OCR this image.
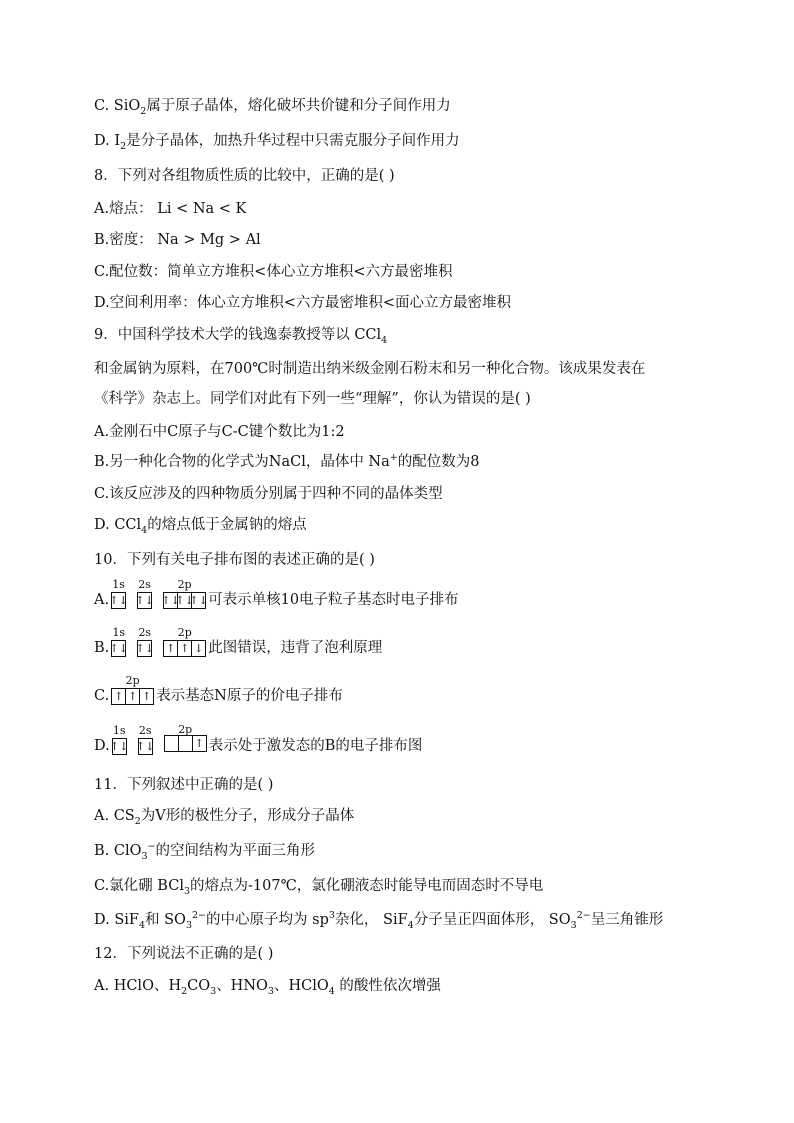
C. SiO$_2$属于原子晶体，熔化破坏共价键和分子间作用力
D. $I_2$是分子晶体，加热升华过程中只需克服分子间作用力
8．下列对各组物质性质的比较中，正确的是( )
A.熔点： Li < Na < K
B.密度： Na > Mg > Al
C.配位数：简单立方堆积<体心立方堆积<六方最密堆积
D.空间利用率：体心立方堆积<六方最密堆积<面心立方最密堆积
9．中国科学技术大学的钱逸泰教授等以 CCl$_4$
和金属钠为原料，在700℃时制造出纳米级金刚石粉末和另一种化合物。该成果发表在
《科学》杂志上。同学们对此有下列一些“理解”，你认为错误的是( )
A.金刚石中C原子与C-C键个数比为1:2
B.另一种化合物的化学式为NaCl，晶体中 Na+的配位数为8
C.该反应涉及的四种物质分别属于四种不同的晶体类型
D. CCl$_4$的熔点低于金属钠的熔点
10．下列有关电子排布图的表述正确的是( )
11．下列叙述中正确的是( )
A. $CS_2$为V形的极性分子，形成分子晶体
B. ClO$_3$−的空间结构为平面三角形
C.氯化硼 BCl$_3$的熔点为-107℃，氯化硼液态时能导电而固态时不导电
D. SiF$_4$和 $SO_3^{2-}$的中心原子均为 $sp^3$杂化， SiF$_4$分子呈正四面体形， $SO_3^{2-}$呈三角锥形
12．下列说法不正确的是( )
A. HClO、$H_2CO_3$、$HNO_3$、HClO$_4$ 的酸性依次增强
A.
1s
↑↓
2s
↑↓
2p
↑↓
↑↓
↑↓ 可表示单核10电子粒子基态时电子排布
B.
1s
↑↓
2s
↑↓
2p
↑ ↑ ↓ 此图错误，违背了泡利原理
C.
2p
↑ ↑ ↑ 表示基态N原子的价电子排布
D.
1s
↑↓
2s
↑↓
2p
↑ 表示处于激发态的B的电子排布图
